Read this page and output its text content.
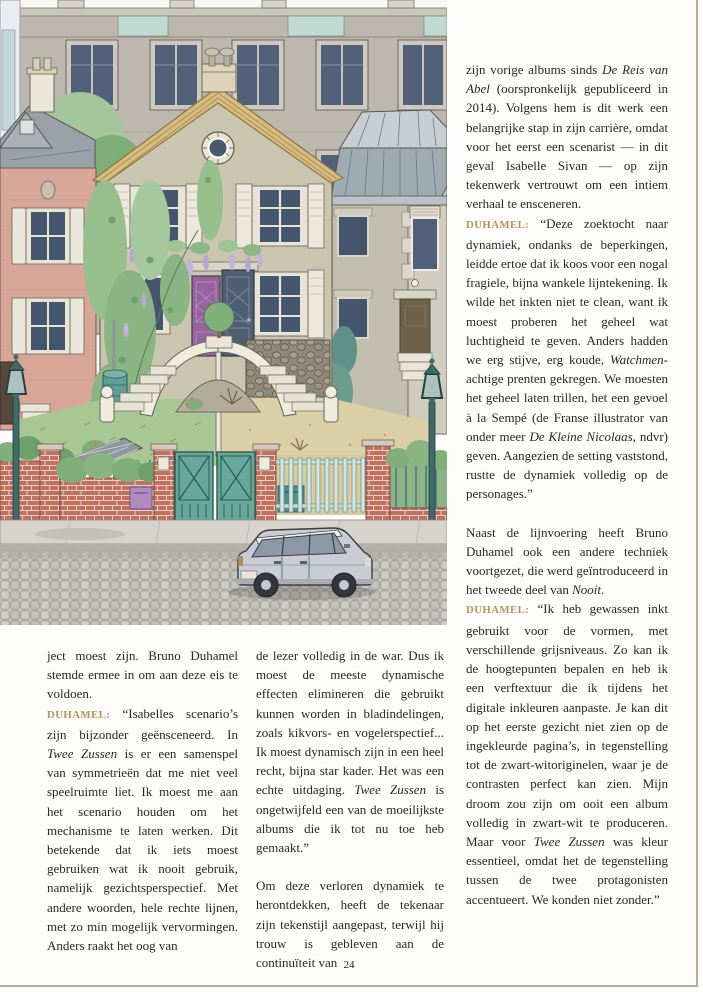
ject moest zijn. Bruno Duhamel stemde ermee in om aan deze eis te voldoen.

DUHAMEL: “Isabelles scenario’s zijn bijzonder geënsceneerd. In Twee Zussen is er een samenspel van symmetrieën dat me niet veel speelruimte liet. Ik moest me aan het scenario houden om het mechanisme te laten werken. Dit betekende dat ik iets moest gebruiken wat ik nooit gebruik, namelijk gezichtsperspectief. Met andere woorden, hele rechte lijnen, met zo min mogelijk vervormingen. Anders raakt het oog van

de lezer volledig in de war. Dus ik moest de meeste dynamische effecten elimineren die gebruikt kunnen worden in bladindelingen, zoals kikvors- en vogelerspectief... Ik moest dynamisch zijn in een heel recht, bijna star kader. Het was een echte uitdaging. Twee Zussen is ongetwijfeld een van de moeilijkste albums die ik tot nu toe heb gemaakt.”

Om deze verloren dynamiek te herontdekken, heeft de tekenaar zijn tekenstijl aangepast, terwijl hij trouw is gebleven aan de continuïteit van

zijn vorige albums sinds De Reis van Abel (oorspronkelijk gepubliceerd in 2014). Volgens hem is dit werk een belangrijke stap in zijn carrière, omdat voor het eerst een scenarist — in dit geval Isabelle Sivan — op zijn tekenwerk vertrouwt om een intiem verhaal te ensceneren.

DUHAMEL: “Deze zoektocht naar dynamiek, ondanks de beperkingen, leidde ertoe dat ik koos voor een nogal fragiele, bijna wankele lijntekening. Ik wilde het inkten niet te clean, want ik moest proberen het geheel wat luchtigheid te geven. Anders hadden we erg stijve, erg koude, Watchmen-achtige prenten gekregen. We moesten het geheel laten trillen, het een gevoel à la Sempé (de Franse illustrator van onder meer De Kleine Nicolaas, ndvr) geven. Aangezien de setting vaststond, rustte de dynamiek volledig op de personages.”

Naast de lijnvoering heeft Bruno Duhamel ook een andere techniek voortgezet, die werd geïntroduceerd in het tweede deel van Nooit.

DUHAMEL: “Ik heb gewassen inkt gebruikt voor de vormen, met verschillende grijsniveaus. Zo kan ik de hoogtepunten bepalen en heb ik een verftextuur die ik tijdens het digitale inkleuren aanpaste. Je kan dit op het eerste gezicht niet zien op de ingekleurde pagina’s, in tegenstelling tot de zwart-witoriginelen, waar je de contrasten perfect kan zien. Mijn droom zou zijn om ooit een album volledig in zwart-wit te produceren. Maar voor Twee Zussen was kleur essentieel, omdat het de tegenstelling tussen de twee protagonisten accentueert. We konden niet zonder.”

24
